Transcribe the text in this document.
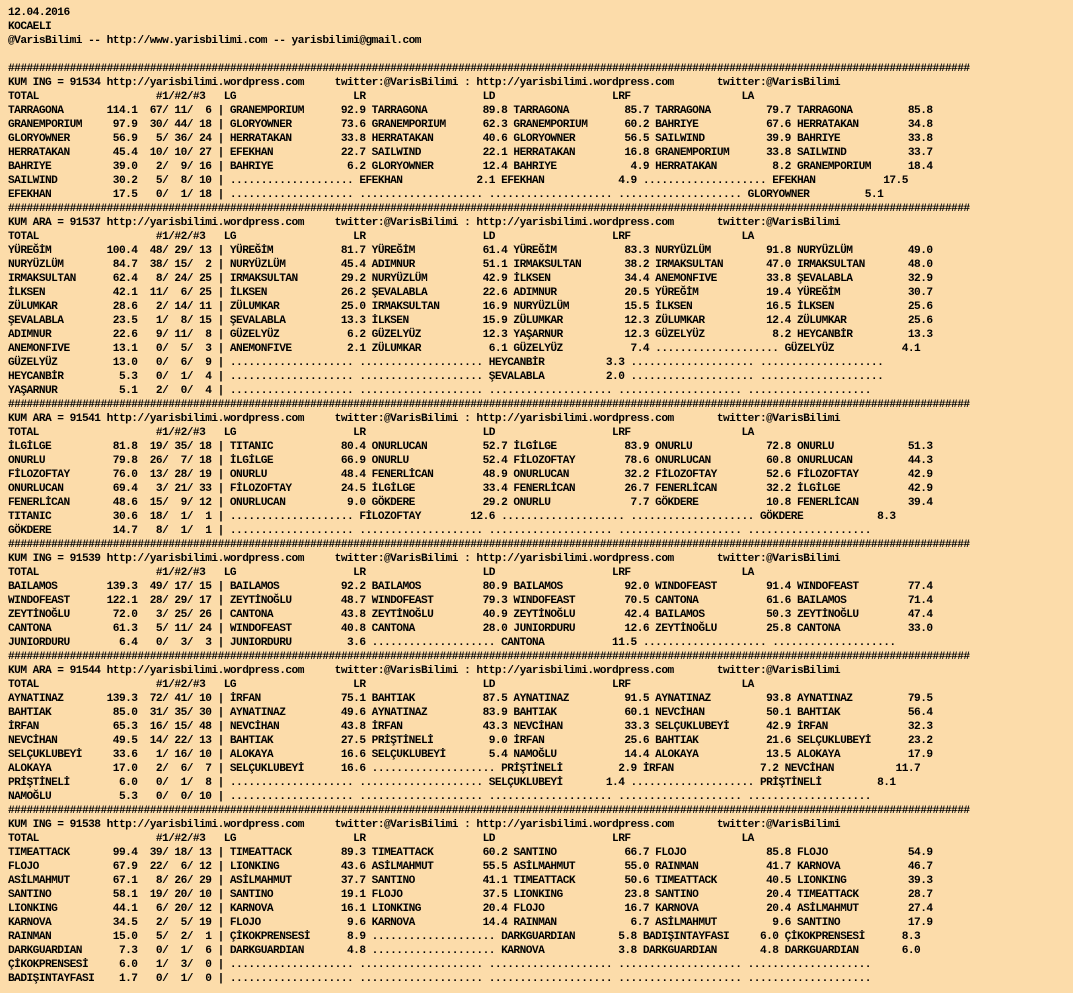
12.04.2016
KOCAELI
@VarisBilimi -- http://www.yarisbilimi.com -- yarisbilimi@gmail.com

############################################################################################################################################################
KUM ING = 91534 http://yarisbilimi.wordpress.com     twitter:@VarisBilimi : http://yarisbilimi.wordpress.com       twitter:@VarisBilimi
TOTAL                   #1/#2/#3   LG                   LR                   LD                   LRF                  LA
TARRAGONA       114.1  67/ 11/  6 | GRANEMPORIUM      92.9 TARRAGONA         89.8 TARRAGONA         85.7 TARRAGONA         79.7 TARRAGONA         85.8
GRANEMPORIUM     97.9  30/ 44/ 18 | GLORYOWNER        73.6 GRANEMPORIUM      62.3 GRANEMPORIUM      60.2 BAHRIYE           67.6 HERRATAKAN        34.8
GLORYOWNER       56.9   5/ 36/ 24 | HERRATAKAN        33.8 HERRATAKAN        40.6 GLORYOWNER        56.5 SAILWIND          39.9 BAHRIYE           33.8
HERRATAKAN       45.4  10/ 10/ 27 | EFEKHAN           22.7 SAILWIND          22.1 HERRATAKAN        16.8 GRANEMPORIUM      33.8 SAILWIND          33.7
BAHRIYE          39.0   2/  9/ 16 | BAHRIYE            6.2 GLORYOWNER        12.4 BAHRIYE            4.9 HERRATAKAN         8.2 GRANEMPORIUM      18.4
SAILWIND         30.2   5/  8/ 10 | .................... EFEKHAN            2.1 EFEKHAN            4.9 .................... EFEKHAN           17.5
EFEKHAN          17.5   0/  1/ 18 | .................... .................... .................... .................... GLORYOWNER         5.1
############################################################################################################################################################
KUM ARA = 91537 http://yarisbilimi.wordpress.com     twitter:@VarisBilimi : http://yarisbilimi.wordpress.com       twitter:@VarisBilimi
TOTAL                   #1/#2/#3   LG                   LR                   LD                   LRF                  LA
YÜREĞİM         100.4  48/ 29/ 13 | YÜREĞİM           81.7 YÜREĞİM           61.4 YÜREĞİM           83.3 NURYÜZLÜM         91.8 NURYÜZLÜM         49.0
NURYÜZLÜM        84.7  38/ 15/  2 | NURYÜZLÜM         45.4 ADIMNUR           51.1 IRMAKSULTAN       38.2 IRMAKSULTAN       47.0 IRMAKSULTAN       48.0
IRMAKSULTAN      62.4   8/ 24/ 25 | IRMAKSULTAN       29.2 NURYÜZLÜM         42.9 İLKSEN            34.4 ANEMONFIVE        33.8 ŞEVALABLA         32.9
İLKSEN           42.1  11/  6/ 25 | İLKSEN            26.2 ŞEVALABLA         22.6 ADIMNUR           20.5 YÜREĞİM           19.4 YÜREĞİM           30.7
ZÜLUMKAR         28.6   2/ 14/ 11 | ZÜLUMKAR          25.0 IRMAKSULTAN       16.9 NURYÜZLÜM         15.5 İLKSEN            16.5 İLKSEN            25.6
ŞEVALABLA        23.5   1/  8/ 15 | ŞEVALABLA         13.3 İLKSEN            15.9 ZÜLUMKAR          12.3 ZÜLUMKAR          12.4 ZÜLUMKAR          25.6
ADIMNUR          22.6   9/ 11/  8 | GÜZELYÜZ           6.2 GÜZELYÜZ          12.3 YAŞARNUR          12.3 GÜZELYÜZ           8.2 HEYCANBİR         13.3
ANEMONFIVE       13.1   0/  5/  3 | ANEMONFIVE         2.1 ZÜLUMKAR           6.1 GÜZELYÜZ           7.4 .................... GÜZELYÜZ           4.1
GÜZELYÜZ         13.0   0/  6/  9 | .................... .................... HEYCANBİR          3.3 .................... ....................
HEYCANBİR         5.3   0/  1/  4 | .................... .................... ŞEVALABLA          2.0 .................... ....................
YAŞARNUR          5.1   2/  0/  4 | .................... .................... .................... .................... ....................
############################################################################################################################################################
KUM ARA = 91541 http://yarisbilimi.wordpress.com     twitter:@VarisBilimi : http://yarisbilimi.wordpress.com       twitter:@VarisBilimi
TOTAL                   #1/#2/#3   LG                   LR                   LD                   LRF                  LA
İLGİLGE          81.8  19/ 35/ 18 | TITANIC           80.4 ONURLUCAN         52.7 İLGİLGE           83.9 ONURLU            72.8 ONURLU            51.3
ONURLU           79.8  26/  7/ 18 | İLGİLGE           66.9 ONURLU            52.4 FİLOZOFTAY        78.6 ONURLUCAN         60.8 ONURLUCAN         44.3
FİLOZOFTAY       76.0  13/ 28/ 19 | ONURLU            48.4 FENERLİCAN        48.9 ONURLUCAN         32.2 FİLOZOFTAY        52.6 FİLOZOFTAY        42.9
ONURLUCAN        69.4   3/ 21/ 33 | FİLOZOFTAY        24.5 İLGİLGE           33.4 FENERLİCAN        26.7 FENERLİCAN        32.2 İLGİLGE           42.9
FENERLİCAN       48.6  15/  9/ 12 | ONURLUCAN          9.0 GÖKDERE           29.2 ONURLU             7.7 GÖKDERE           10.8 FENERLİCAN        39.4
TITANIC          30.6  18/  1/  1 | .................... FİLOZOFTAY        12.6 .................... .................... GÖKDERE            8.3
GÖKDERE          14.7   8/  1/  1 | .................... .................... .................... .................... ....................
############################################################################################################################################################
KUM ING = 91539 http://yarisbilimi.wordpress.com     twitter:@VarisBilimi : http://yarisbilimi.wordpress.com       twitter:@VarisBilimi
TOTAL                   #1/#2/#3   LG                   LR                   LD                   LRF                  LA
BAILAMOS        139.3  49/ 17/ 15 | BAILAMOS          92.2 BAILAMOS          80.9 BAILAMOS          92.0 WINDOFEAST        91.4 WINDOFEAST        77.4
WINDOFEAST      122.1  28/ 29/ 17 | ZEYTİNOĞLU        48.7 WINDOFEAST        79.3 WINDOFEAST        70.5 CANTONA           61.6 BAILAMOS          71.4
ZEYTİNOĞLU       72.0   3/ 25/ 26 | CANTONA           43.8 ZEYTİNOĞLU        40.9 ZEYTİNOĞLU        42.4 BAILAMOS          50.3 ZEYTİNOĞLU        47.4
CANTONA          61.3   5/ 11/ 24 | WINDOFEAST        40.8 CANTONA           28.0 JUNIORDURU        12.6 ZEYTİNOĞLU        25.8 CANTONA           33.0
JUNIORDURU        6.4   0/  3/  3 | JUNIORDURU         3.6 .................... CANTONA           11.5 .................... ....................
############################################################################################################################################################
KUM ARA = 91544 http://yarisbilimi.wordpress.com     twitter:@VarisBilimi : http://yarisbilimi.wordpress.com       twitter:@VarisBilimi
TOTAL                   #1/#2/#3   LG                   LR                   LD                   LRF                  LA
AYNATINAZ       139.3  72/ 41/ 10 | İRFAN             75.1 BAHTIAK           87.5 AYNATINAZ         91.5 AYNATINAZ         93.8 AYNATINAZ         79.5
BAHTIAK          85.0  31/ 35/ 30 | AYNATINAZ         49.6 AYNATINAZ         83.9 BAHTIAK           60.1 NEVCİHAN          50.1 BAHTIAK           56.4
İRFAN            65.3  16/ 15/ 48 | NEVCİHAN          43.8 İRFAN             43.3 NEVCİHAN          33.3 SELÇUKLUBEYİ      42.9 İRFAN             32.3
NEVCİHAN         49.5  14/ 22/ 13 | BAHTIAK           27.5 PRİŞTİNELİ         9.0 İRFAN             25.6 BAHTIAK           21.6 SELÇUKLUBEYİ      23.2
SELÇUKLUBEYİ     33.6   1/ 16/ 10 | ALOKAYA           16.6 SELÇUKLUBEYİ       5.4 NAMOĞLU           14.4 ALOKAYA           13.5 ALOKAYA           17.9
ALOKAYA          17.0   2/  6/  7 | SELÇUKLUBEYİ      16.6 .................... PRİŞTİNELİ         2.9 İRFAN              7.2 NEVCİHAN          11.7
PRİŞTİNELİ        6.0   0/  1/  8 | .................... .................... SELÇUKLUBEYİ       1.4 .................... PRİŞTİNELİ         8.1
NAMOĞLU           5.3   0/  0/ 10 | .................... .................... .................... .................... ....................
############################################################################################################################################################
KUM ING = 91538 http://yarisbilimi.wordpress.com     twitter:@VarisBilimi : http://yarisbilimi.wordpress.com       twitter:@VarisBilimi
TOTAL                   #1/#2/#3   LG                   LR                   LD                   LRF                  LA
TIMEATTACK       99.4  39/ 18/ 13 | TIMEATTACK        89.3 TIMEATTACK        60.2 SANTINO           66.7 FLOJO             85.8 FLOJO             54.9
FLOJO            67.9  22/  6/ 12 | LIONKING          43.6 ASİLMAHMUT        55.5 ASİLMAHMUT        55.0 RAINMAN           41.7 KARNOVA           46.7
ASİLMAHMUT       67.1   8/ 26/ 29 | ASİLMAHMUT        37.7 SANTINO           41.1 TIMEATTACK        50.6 TIMEATTACK        40.5 LIONKING          39.3
SANTINO          58.1  19/ 20/ 10 | SANTINO           19.1 FLOJO             37.5 LIONKING          23.8 SANTINO           20.4 TIMEATTACK        28.7
LIONKING         44.1   6/ 20/ 12 | KARNOVA           16.1 LIONKING          20.4 FLOJO             16.7 KARNOVA           20.4 ASİLMAHMUT        27.4
KARNOVA          34.5   2/  5/ 19 | FLOJO              9.6 KARNOVA           14.4 RAINMAN            6.7 ASİLMAHMUT         9.6 SANTINO           17.9
RAINMAN          15.0   5/  2/  1 | ÇİKOKPRENSESİ      8.9 .................... DARKGUARDIAN       5.8 BADIŞINTAYFASI     6.0 ÇİKOKPRENSESİ      8.3
DARKGUARDIAN      7.3   0/  1/  6 | DARKGUARDIAN       4.8 .................... KARNOVA            3.8 DARKGUARDIAN       4.8 DARKGUARDIAN       6.0
ÇİKOKPRENSESİ     6.0   1/  3/  0 | .................... .................... .................... .................... ....................
BADIŞINTAYFASI    1.7   0/  1/  0 | .................... .................... .................... .................... ....................
